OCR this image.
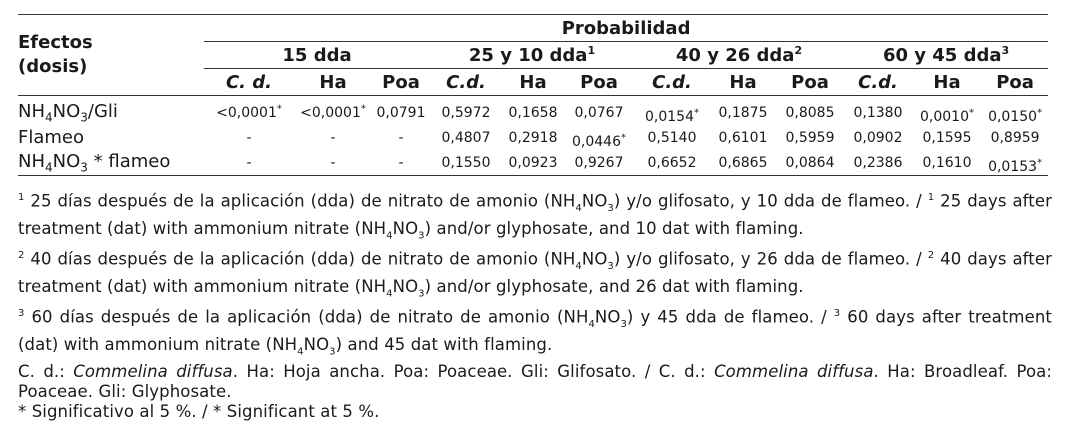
Efectos
(dosis)	Probabilidad											
	15 dda			25 y 10 dda$^1$			40 y 26 dda$^2$			60 y 45 dda$^3$
	C. d.	Ha	Poa	C.d.	Ha	Poa	C.d.	Ha	Poa	C.d.	Ha	Poa

$NH_4NO_3$/Gli	<0,0001*	<0,0001*	0,0791	0,5972	0,1658	0,0767	0,0154*	0,1875	0,8085	0,1380	0,0010*	0,0150*
Flameo	-	-	-	0,4807	0,2918	0,0446*	0,5140	0,6101	0,5959	0,0902	0,1595	0,8959
$NH_4NO_3$ * flameo	-	-	-	0,1550	0,0923	0,9267	0,6652	0,6865	0,0864	0,2386	0,1610	0,0153*

$^1$ 25 días después de la aplicación (dda) de nitrato de amonio $(NH_4NO_3)$ y/o glifosato, y 10 dda de flameo. / $^1$ 25 days after treatment (dat) with ammonium nitrate $(NH_4NO_3)$ and/or glyphosate, and 10 dat with flaming.

$^2$ 40 días después de la aplicación (dda) de nitrato de amonio $(NH_4NO_3)$ y/o glifosato, y 26 dda de flameo. / $^2$ 40 days after treatment (dat) with ammonium nitrate $(NH_4NO_3)$ and/or glyphosate, and 26 dat with flaming.

$^3$ 60 días después de la aplicación (dda) de nitrato de amonio $(NH_4NO_3)$ y 45 dda de flameo. / $^3$ 60 days after treatment (dat) with ammonium nitrate $(NH_4NO_3)$ and 45 dat with flaming.

C. d.: Commelina diffusa. Ha: Hoja ancha. Poa: Poaceae. Gli: Glifosato. / C. d.: Commelina diffusa. Ha: Broadleaf. Poa: Poaceae. Gli: Glyphosate.

* Significativo al 5 %. / * Significant at 5 %.
